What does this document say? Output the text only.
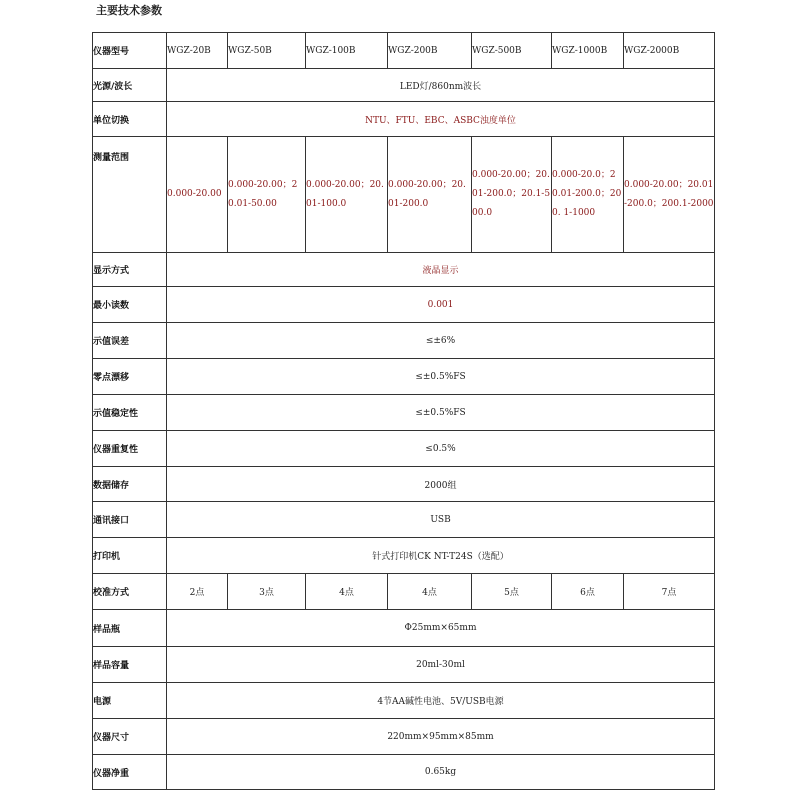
主要技术参数
仪器型号	WGZ-20B	WGZ-50B	WGZ-100B	WGZ-200B	WGZ-500B	WGZ-1000B	WGZ-2000B
光源/波长	LED灯/860nm波长						
单位切换	NTU、FTU、EBC、ASBC浊度单位						
测量范围	0.000-20.00	0.000-20.00；20.01-50.00	0.000-20.00；20.01-100.0	0.000-20.00；20.01-200.0	0.000-20.00；20.01-200.0；20.1-500.0	0.000-20.0；20.01-200.0；200. 1-1000	0.000-20.00；20.01-200.0；200.1-2000
显示方式	液晶显示						
最小读数	0.001						
示值误差	≤±6%						
零点漂移	≤±0.5%FS						
示值稳定性	≤±0.5%FS						
仪器重复性	≤0.5%						
数据储存	2000组						
通讯接口	USB						
打印机	针式打印机CK NT-T24S（选配）						
校准方式	2点	3点	4点	4点	5点	6点	7点
样品瓶	Φ25mm×65mm						
样品容量	20ml-30ml						
电源	4节AA碱性电池、5V/USB电源						
仪器尺寸	220mm×95mm×85mm						
仪器净重	0.65kg						
